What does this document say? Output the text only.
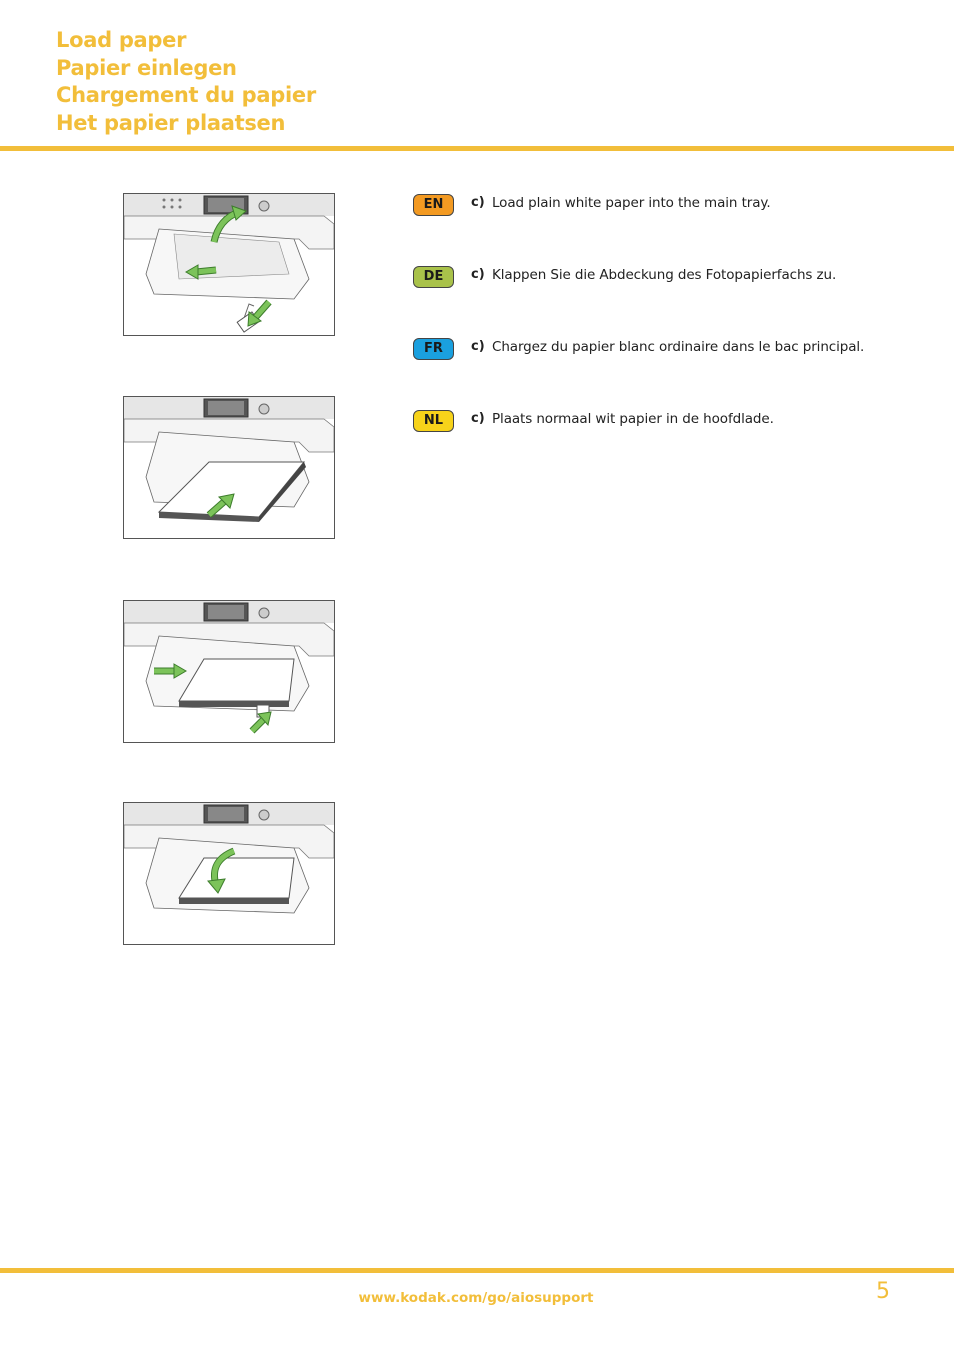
Load paper
Papier einlegen
Chargement du papier
Het papier plaatsen
EN	c) Load plain white paper into the main tray.
DE	c) Klappen Sie die Abdeckung des Fotopapierfachs zu.
FR	c) Chargez du papier blanc ordinaire dans le bac principal.
NL	c) Plaats normaal wit papier in de hoofdlade.
www.kodak.com/go/aiosupport	5
